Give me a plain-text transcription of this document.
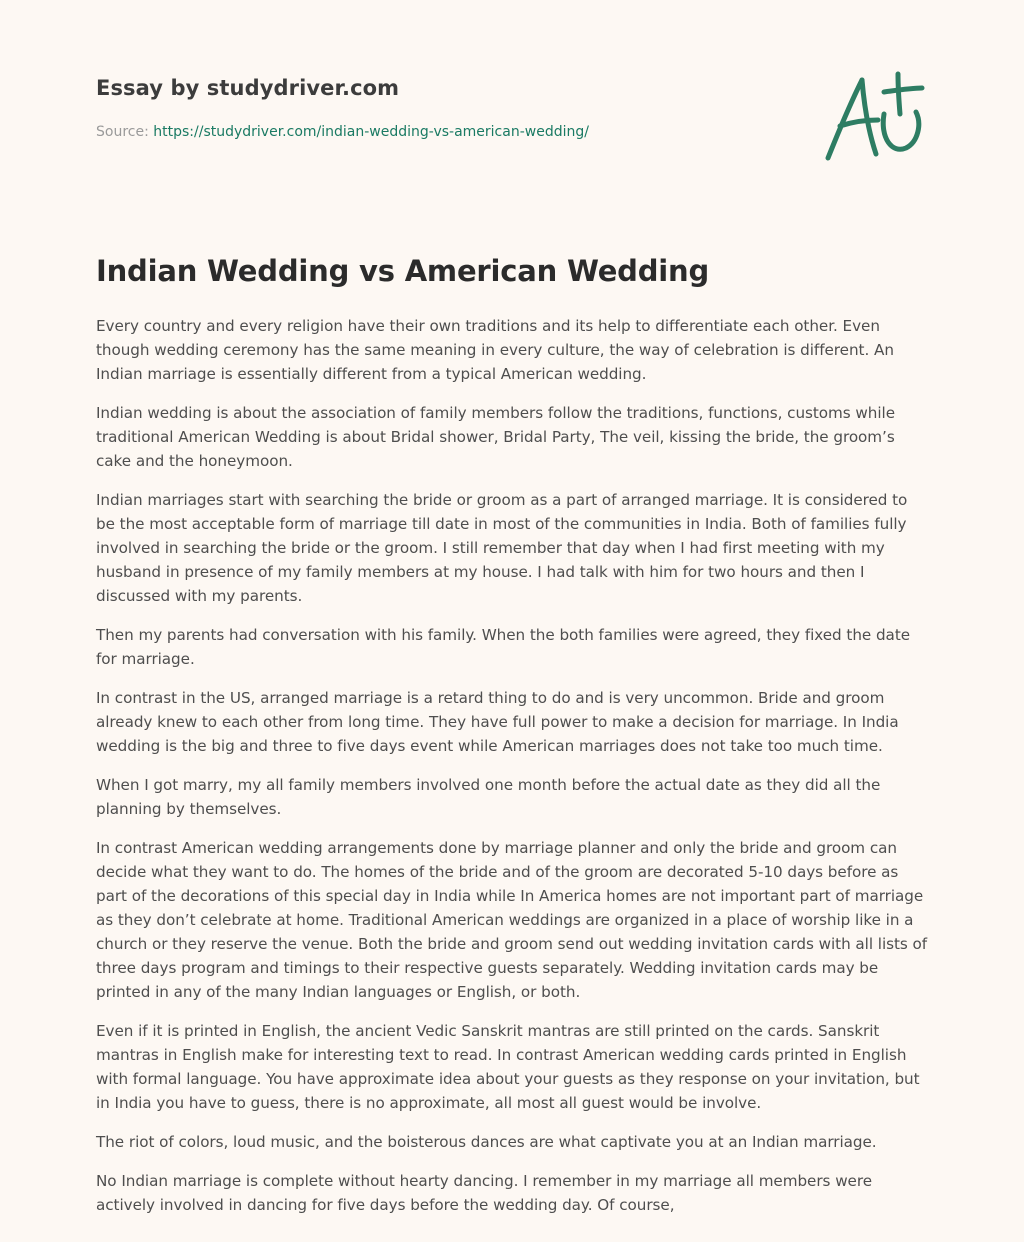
Essay by studydriver.com
Source: https://studydriver.com/indian-wedding-vs-american-wedding/
Indian Wedding vs American Wedding

Every country and every religion have their own traditions and its help to differentiate each other. Even though wedding ceremony has the same meaning in every culture, the way of celebration is different. An Indian marriage is essentially different from a typical American wedding.

Indian wedding is about the association of family members follow the traditions, functions, customs while traditional American Wedding is about Bridal shower, Bridal Party, The veil, kissing the bride, the groom’s cake and the honeymoon.

Indian marriages start with searching the bride or groom as a part of arranged marriage. It is considered to be the most acceptable form of marriage till date in most of the communities in India. Both of families fully involved in searching the bride or the groom. I still remember that day when I had first meeting with my husband in presence of my family members at my house. I had talk with him for two hours and then I discussed with my parents.

Then my parents had conversation with his family. When the both families were agreed, they fixed the date for marriage.

In contrast in the US, arranged marriage is a retard thing to do and is very uncommon. Bride and groom already knew to each other from long time. They have full power to make a decision for marriage. In India wedding is the big and three to five days event while American marriages does not take too much time.

When I got marry, my all family members involved one month before the actual date as they did all the planning by themselves.

In contrast American wedding arrangements done by marriage planner and only the bride and groom can decide what they want to do. The homes of the bride and of the groom are decorated 5-10 days before as part of the decorations of this special day in India while In America homes are not important part of marriage as they don’t celebrate at home. Traditional American weddings are organized in a place of worship like in a church or they reserve the venue. Both the bride and groom send out wedding invitation cards with all lists of three days program and timings to their respective guests separately. Wedding invitation cards may be printed in any of the many Indian languages or English, or both.

Even if it is printed in English, the ancient Vedic Sanskrit mantras are still printed on the cards. Sanskrit mantras in English make for interesting text to read. In contrast American wedding cards printed in English with formal language. You have approximate idea about your guests as they response on your invitation, but in India you have to guess, there is no approximate, all most all guest would be involve.

The riot of colors, loud music, and the boisterous dances are what captivate you at an Indian marriage.

No Indian marriage is complete without hearty dancing. I remember in my marriage all members were actively involved in dancing for five days before the wedding day. Of course,
